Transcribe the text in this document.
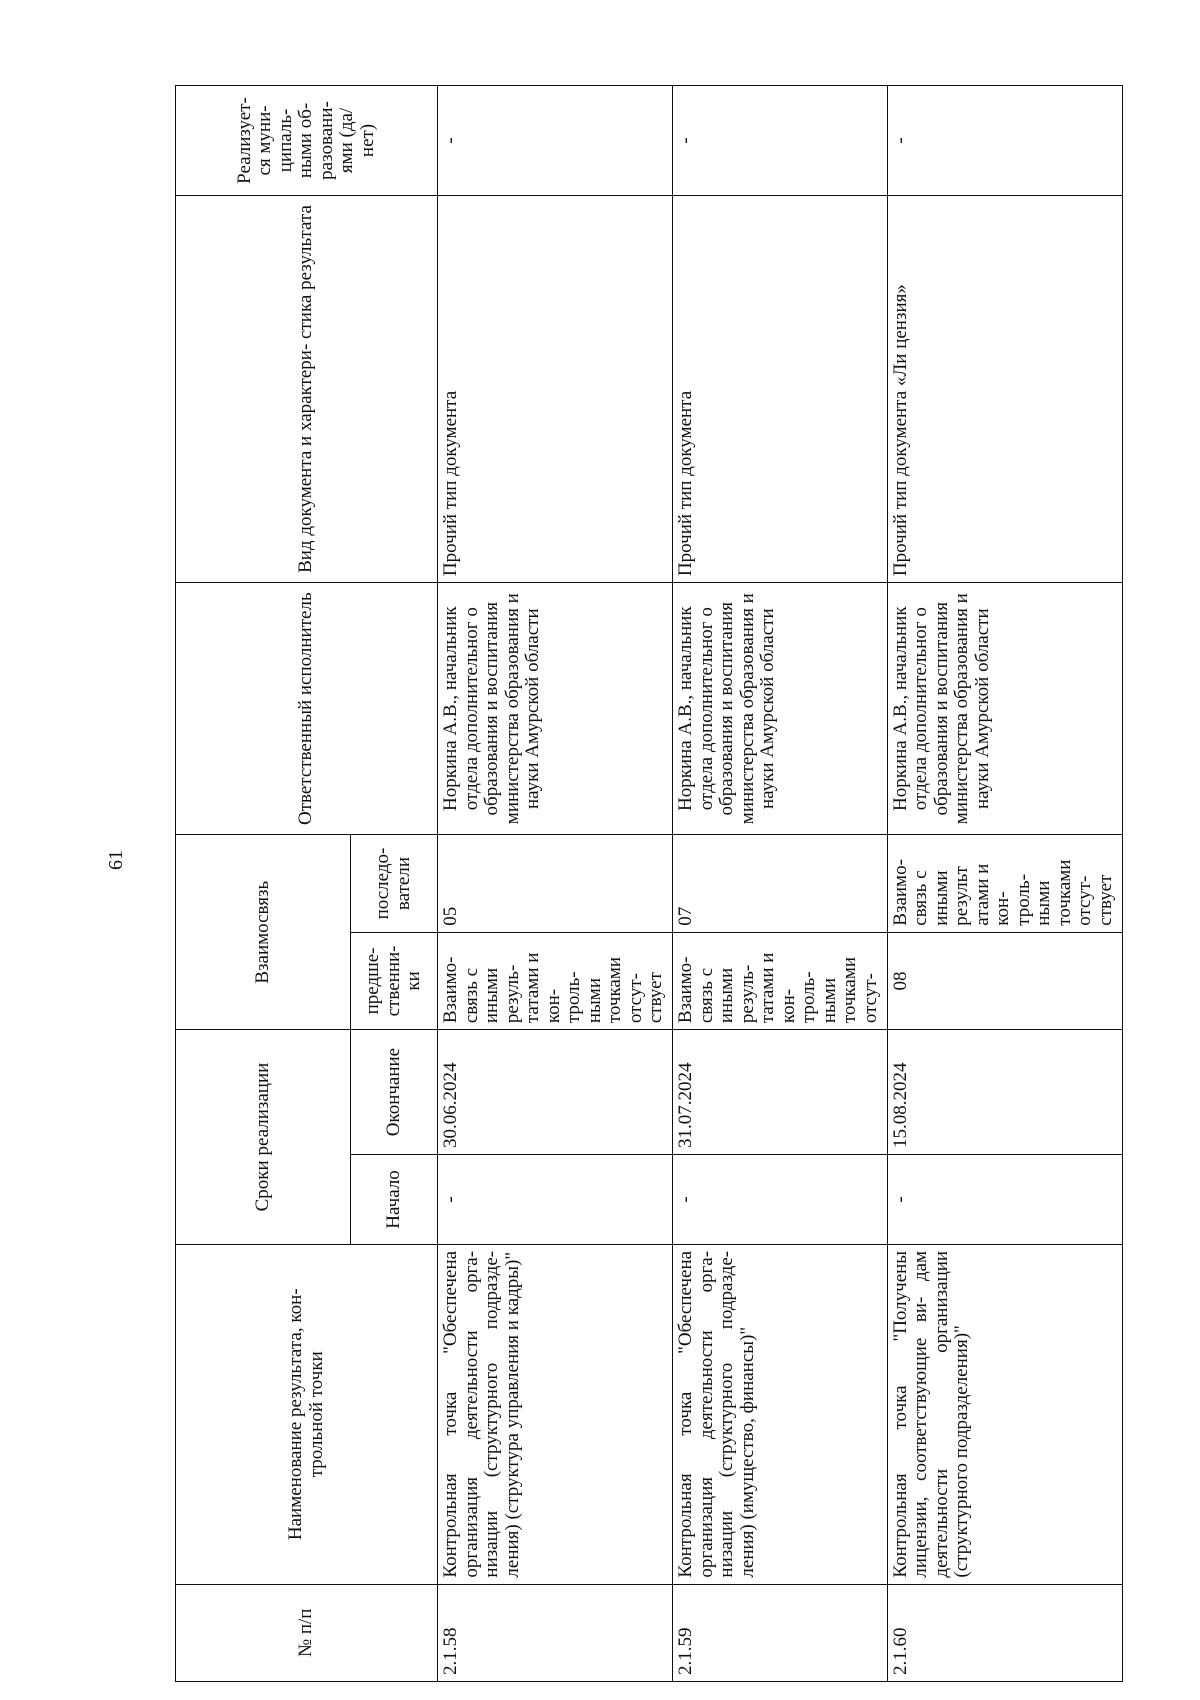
61
№ п/п	Наименование результата, кон- трольной точки	Сроки реализации		Взаимосвязь		Ответственный исполнитель	Вид документа и характери- стика результата	Реализует- ся муни- ципаль- ными об- разовани- ями (да/нет)	
		Начало	Окончание	предше- ственни- ки	последо- ватели				
2.1.58	Контрольная точка "Обеспечена организация деятельности орга- низации (структурного подразде- ления) (структура управления и кадры)"	-	30.06.2024	Взаимо- связь с иными резуль- татами и кон- троль- ными точками отсут- ствует	05	Норкина А.В., начальник отдела дополнительног о образования и воспитания министерства образования и науки Амурской области	Прочий тип документа	-	
2.1.59	Контрольная точка "Обеспечена организация деятельности орга- низации (структурного подразде- ления) (имущество, финансы)"	-	31.07.2024	Взаимо- связь с иными резуль- татами и кон- троль- ными точками отсут-	07	Норкина А.В., начальник отдела дополнительног о образования и воспитания министерства образования и науки Амурской области	Прочий тип документа	-	
2.1.60	Контрольная точка "Получены лицензии, соответствующие ви- дам деятельности организации (структурного подразделения)"	-	15.08.2024	08	Взаимо- связь с иными результ атами и кон- троль- ными точками отсут- ствует	Норкина А.В., начальник отдела дополнительног о образования и воспитания министерства образования и науки Амурской области	Прочий тип документа «Ли цензия»	-	
